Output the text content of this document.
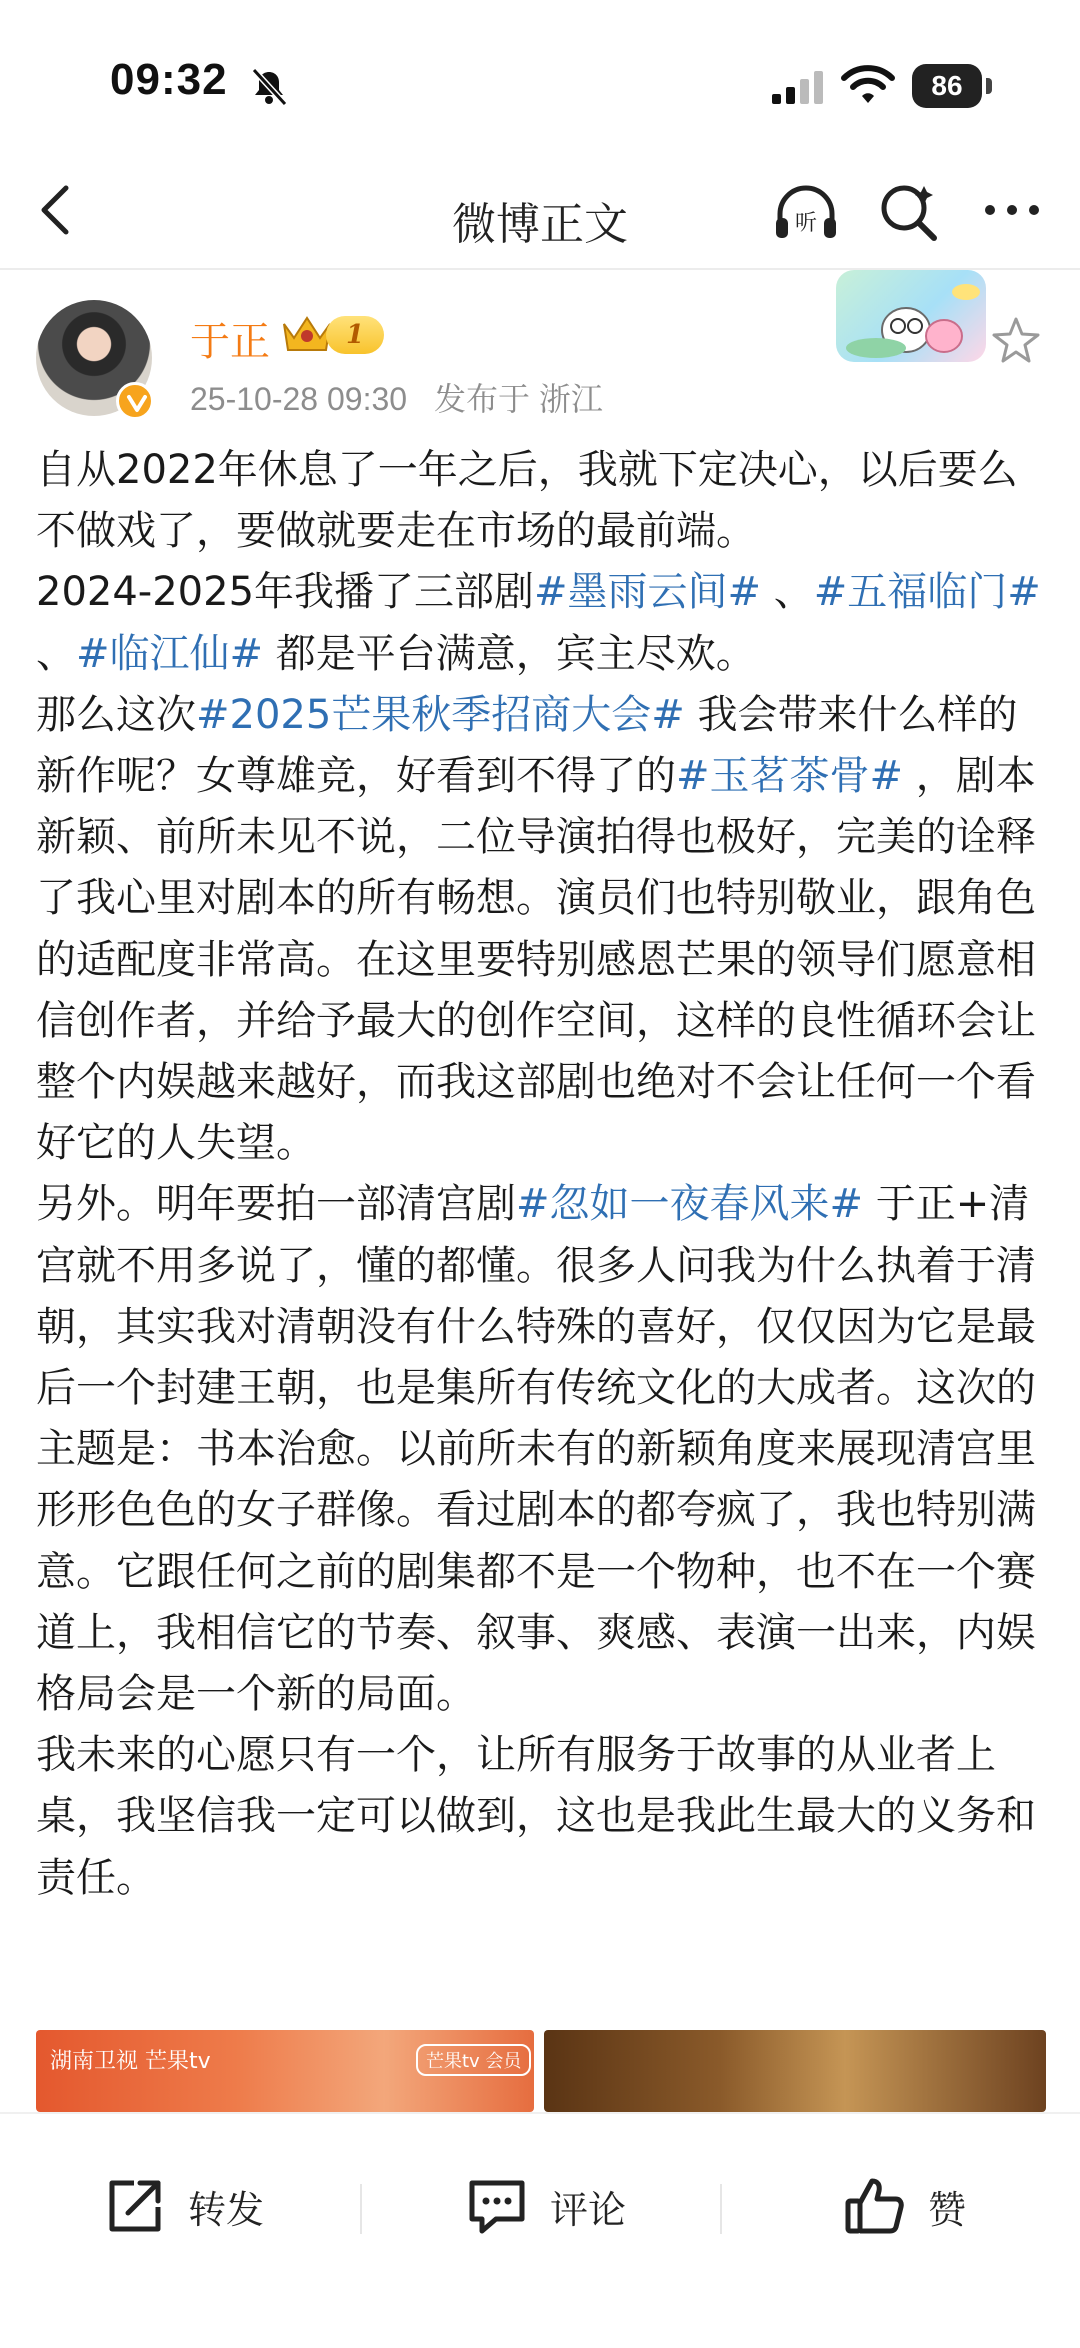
09:32	86
微博正文	听
于正	1
25-10-28 09:30 发布于 浙江
自从2022年休息了一年之后，我就下定决心，以后要么不做戏了，要做就要走在市场的最前端。
2024-2025年我播了三部剧#墨雨云间# 、#五福临门# 、#临江仙# 都是平台满意，宾主尽欢。
那么这次#2025芒果秋季招商大会# 我会带来什么样的新作呢？女尊雄竞，好看到不得了的#玉茗茶骨# ，剧本新颖、前所未见不说，二位导演拍得也极好，完美的诠释了我心里对剧本的所有畅想。演员们也特别敬业，跟角色的适配度非常高。在这里要特别感恩芒果的领导们愿意相信创作者，并给予最大的创作空间，这样的良性循环会让整个内娱越来越好，而我这部剧也绝对不会让任何一个看好它的人失望。
另外。明年要拍一部清宫剧#忽如一夜春风来# 于正+清宫就不用多说了，懂的都懂。很多人问我为什么执着于清朝，其实我对清朝没有什么特殊的喜好，仅仅因为它是最后一个封建王朝，也是集所有传统文化的大成者。这次的主题是：书本治愈。以前所未有的新颖角度来展现清宫里形形色色的女子群像。看过剧本的都夸疯了，我也特别满意。它跟任何之前的剧集都不是一个物种，也不在一个赛道上，我相信它的节奏、叙事、爽感、表演一出来，内娱格局会是一个新的局面。
我未来的心愿只有一个，让所有服务于故事的从业者上桌，我坚信我一定可以做到，这也是我此生最大的义务和责任。
湖南卫视 芒果tv	芒果tv 会员
转发	评论	赞
